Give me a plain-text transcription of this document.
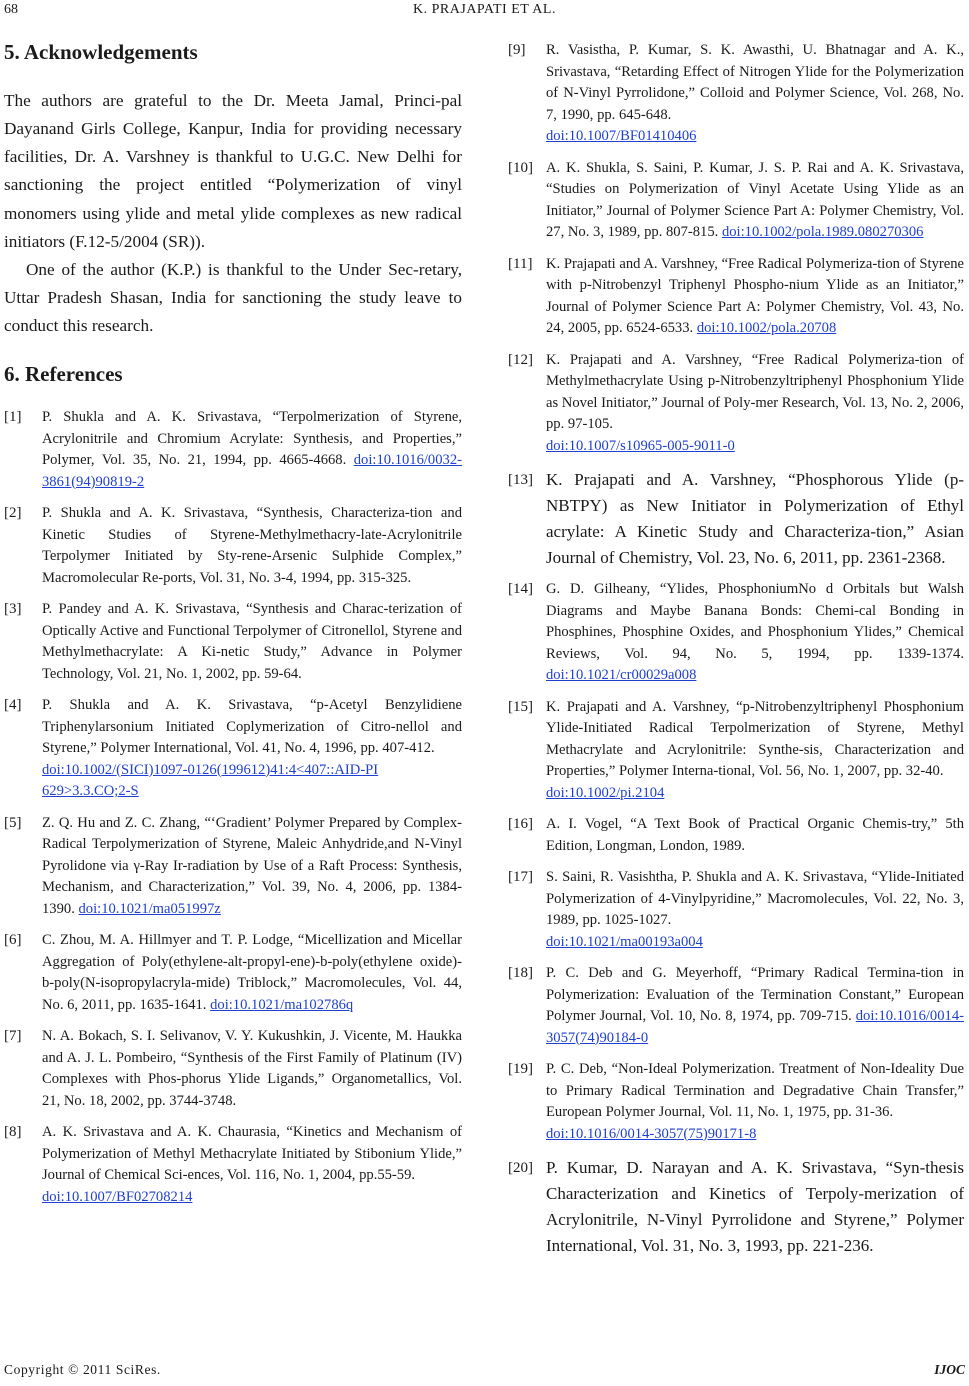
68	K. PRAJAPATI ET AL.
5. Acknowledgements

The authors are grateful to the Dr. Meeta Jamal, Princi-pal Dayanand Girls College, Kanpur, India for providing necessary facilities, Dr. A. Varshney is thankful to U.G.C. New Delhi for sanctioning the project entitled “Polymerization of vinyl monomers using ylide and metal ylide complexes as new radical initiators (F.12-5/2004 (SR)).

One of the author (K.P.) is thankful to the Under Sec-retary, Uttar Pradesh Shasan, India for sanctioning the study leave to conduct this research.

6. References
[1]	P. Shukla and A. K. Srivastava, “Terpolmerization of Styrene, Acrylonitrile and Chromium Acrylate: Synthesis, and Properties,” Polymer, Vol. 35, No. 21, 1994, pp. 4665-4668. doi:10.1016/0032-3861(94)90819-2
[2]	P. Shukla and A. K. Srivastava, “Synthesis, Characteriza-tion and Kinetic Studies of Styrene-Methylmethacry-late-Acrylonitrile Terpolymer Initiated by Sty-rene-Arsenic Sulphide Complex,” Macromolecular Re-ports, Vol. 31, No. 3-4, 1994, pp. 315-325.
[3]	P. Pandey and A. K. Srivastava, “Synthesis and Charac-terization of Optically Active and Functional Terpolymer of Citronellol, Styrene and Methylmethacrylate: A Ki-netic Study,” Advance in Polymer Technology, Vol. 21, No. 1, 2002, pp. 59-64.
[4]	P. Shukla and A. K. Srivastava, “p-Acetyl Benzylidiene Triphenylarsonium Initiated Coplymerization of Citro-nellol and Styrene,” Polymer International, Vol. 41, No. 4, 1996, pp. 407-412.
doi:10.1002/(SICI)1097-0126(199612)41:4<407::AID-PI 629>3.3.CO;2-S
[5]	Z. Q. Hu and Z. C. Zhang, “‘Gradient’ Polymer Prepared by Complex-Radical Terpolymerization of Styrene, Maleic Anhydride,and N-Vinyl Pyrolidone via γ-Ray Ir-radiation by Use of a Raft Process: Synthesis, Mechanism, and Characterization,” Vol. 39, No. 4, 2006, pp. 1384-1390. doi:10.1021/ma051997z
[6]	C. Zhou, M. A. Hillmyer and T. P. Lodge, “Micellization and Micellar Aggregation of Poly(ethylene-alt-propyl-ene)-b-poly(ethylene oxide)-b-poly(N-isopropylacryla-mide) Triblock,” Macromolecules, Vol. 44, No. 6, 2011, pp. 1635-1641. doi:10.1021/ma102786q
[7]	N. A. Bokach, S. I. Selivanov, V. Y. Kukushkin, J. Vicente, M. Haukka and A. J. L. Pombeiro, “Synthesis of the First Family of Platinum (IV) Complexes with Phos-phorus Ylide Ligands,” Organometallics, Vol. 21, No. 18, 2002, pp. 3744-3748.
[8]	A. K. Srivastava and A. K. Chaurasia, “Kinetics and Mechanism of Polymerization of Methyl Methacrylate Initiated by Stibonium Ylide,” Journal of Chemical Sci-ences, Vol. 116, No. 1, 2004, pp.55-59.
doi:10.1007/BF02708214
[9]	R. Vasistha, P. Kumar, S. K. Awasthi, U. Bhatnagar and A. K., Srivastava, “Retarding Effect of Nitrogen Ylide for the Polymerization of N-Vinyl Pyrrolidone,” Colloid and Polymer Science, Vol. 268, No. 7, 1990, pp. 645-648.
doi:10.1007/BF01410406
[10] A. K. Shukla, S. Saini, P. Kumar, J. S. P. Rai and A. K. Srivastava, “Studies on Polymerization of Vinyl Acetate Using Ylide as an Initiator,” Journal of Polymer Science Part A: Polymer Chemistry, Vol. 27, No. 3, 1989, pp. 807-815. doi:10.1002/pola.1989.080270306
[11] K. Prajapati and A. Varshney, “Free Radical Polymeriza-tion of Styrene with p-Nitrobenzyl Triphenyl Phospho-nium Ylide as an Initiator,” Journal of Polymer Science Part A: Polymer Chemistry, Vol. 43, No. 24, 2005, pp. 6524-6533. doi:10.1002/pola.20708
[12] K. Prajapati and A. Varshney, “Free Radical Polymeriza-tion of Methylmethacrylate Using p-Nitrobenzyltriphenyl Phosphonium Ylide as Novel Initiator,” Journal of Poly-mer Research, Vol. 13, No. 2, 2006, pp. 97-105.
doi:10.1007/s10965-005-9011-0
[13] K. Prajapati and A. Varshney, “Phosphorous Ylide (p-NBTPY) as New Initiator in Polymerization of Ethyl acrylate: A Kinetic Study and Characteriza-tion,” Asian Journal of Chemistry, Vol. 23, No. 6, 2011, pp. 2361-2368.
[14] G. D. Gilheany, “Ylides, PhosphoniumNo d Orbitals but Walsh Diagrams and Maybe Banana Bonds: Chemi-cal Bonding in Phosphines, Phosphine Oxides, and Phosphonium Ylides,” Chemical Reviews, Vol. 94, No. 5, 1994, pp. 1339-1374. doi:10.1021/cr00029a008
[15] K. Prajapati and A. Varshney, “p-Nitrobenzyltriphenyl Phosphonium Ylide-Initiated Radical Terpolmerization of Styrene, Methyl Methacrylate and Acrylonitrile: Synthe-sis, Characterization and Properties,” Polymer Interna-tional, Vol. 56, No. 1, 2007, pp. 32-40.
doi:10.1002/pi.2104
[16] A. I. Vogel, “A Text Book of Practical Organic Chemis-try,” 5th Edition, Longman, London, 1989.
[17] S. Saini, R. Vasishtha, P. Shukla and A. K. Srivastava, “Ylide-Initiated Polymerization of 4-Vinylpyridine,” Macromolecules, Vol. 22, No. 3, 1989, pp. 1025-1027.
doi:10.1021/ma00193a004
[18] P. C. Deb and G. Meyerhoff, “Primary Radical Termina-tion in Polymerization: Evaluation of the Termination Constant,” European Polymer Journal, Vol. 10, No. 8, 1974, pp. 709-715. doi:10.1016/0014-3057(74)90184-0
[19] P. C. Deb, “Non-Ideal Polymerization. Treatment of Non-Ideality Due to Primary Radical Termination and Degradative Chain Transfer,” European Polymer Journal, Vol. 11, No. 1, 1975, pp. 31-36.
doi:10.1016/0014-3057(75)90171-8
[20] P. Kumar, D. Narayan and A. K. Srivastava, “Syn-thesis Characterization and Kinetics of Terpoly-merization of Acrylonitrile, N-Vinyl Pyrrolidone and Styrene,” Polymer International, Vol. 31, No. 3, 1993, pp. 221-236.
Copyright © 2011 SciRes.	IJOC
